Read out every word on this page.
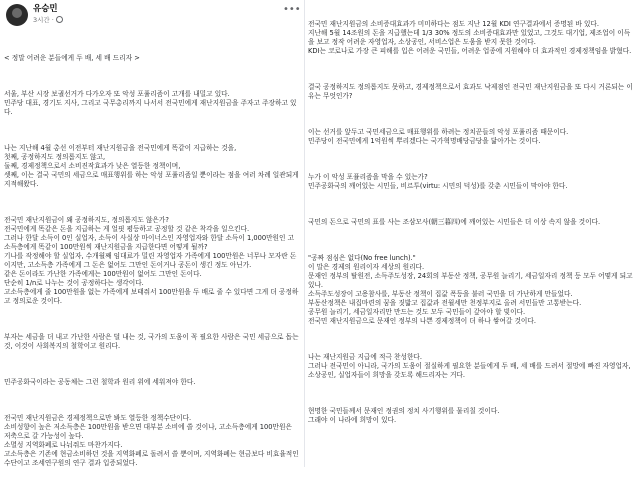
유승민
3시간 ·
•••

< 정말 어려운 분들에게 두 배, 세 배 드리자 >

서울, 부산 시장 보궐선거가 다가오자 또 악성 포퓰리즘이 고개를 내밀고 있다.
민주당 대표, 경기도 지사, 그리고 국무총리까지 나서서 전국민에게 재난지원금을 주자고 주장하고 있다.

나는 지난해 4월 총선 이전부터 재난지원금을 전국민에게 똑같이 지급하는 것을,
첫째, 공정하지도 정의롭지도 않고,
둘째, 경제정책으로서 소비진작효과가 낮은 열등한 정책이며,
셋째, 이는 결국 국민의 세금으로 매표행위를 하는 악성 포퓰리즘일 뿐이라는 점을 여러 차례 일관되게 지적해왔다.

전국민 재난지원금이 왜 공정하지도, 정의롭지도 않은가?
전국민에게 똑같은 돈을 지급하는 게 얼핏 평등하고 공정할 것 같은 착각을 일으킨다.
그러나 한달 소득이 0인 실업자, 소득이 사실상 마이너스인 자영업자와 한달 소득이 1,000만원인 고소득층에게 똑같이 100만원씩 재난지원금을 지급한다면 어떻게 될까?
기나를 작정해야 할 실업자, 수개월째 임대료가 밀린 자영업자 가족에게 100만원은 너무나 모자란 돈이지만, 고소득층 가족에게 그 돈은 없어도 그만인 돈이거나 공돈이 생긴 정도 아닌가.
같은 돈이라도 가난한 가족에게는 100만원이 없어도 그만인 돈이다.
단순히 1/n로 나누는 것이 공정하다는 생각이다.
고소득층에게 줄 100만원을 없는 가족에게 보태줘서 100만원을 두 배로 줄 수 있다면 그게 더 공정하고 정의로운 것이다.

부자는 세금을 더 내고 가난한 사람은 덜 내는 것, 국가의 도움이 꼭 필요한 사람은 국민 세금으로 돕는 것, 이것이 사회복지의 철학이고 원리다.

민주공화국이라는 공동체는 그런 철학과 원리 위에 세워져야 한다.

전국민 재난지원금은 경제정책으로만 봐도 열등한 정책수단이다.
소비성향이 높은 저소득층은 100만원을 받으면 대부분 소비에 쓸 것이나, 고소득층에게 100만원은 저축으로 갈 가능성이 높다.
소멸성 지역화폐로 나눠줘도 마찬가지다.
고소득층은 기존에 현금소비하던 것을 지역화폐로 돌려서 쓸 뿐이며, 지역화폐는 현금보다 비효율적인 수단이고 조세연구원의 연구 결과 입증되었다.

전국민 재난지원금의 소비증대효과가 미미하다는 점도 지난 12월 KDI 연구결과에서 증명된 바 있다.
지난해 5월 14조원의 돈을 지급했는데 1/3 30% 정도의 소비증대효과만 있었고, 그것도 대기업, 제조업이 이득을 보고 정작 어려운 자영업자, 소상공인, 서비스업은 도움을 받지 못한 것이다.
KDI는 코로나로 가장 큰 피해를 입은 어려운 국민들, 어려운 업종에 지원해야 더 효과적인 경제정책임을 밝혔다.

결국 공정하지도 정의롭지도 못하고, 경제정책으로서 효과도 낙제점인 전국민 재난지원금을 또 다시 거론되는 이유는 무엇인가?

이는 선거를 앞두고 국민세금으로 매표행위를 하려는 정치꾼들의 악성 포퓰리즘 때문이다.
민주당이 전국민에게 1억원씩 뿌리겠다는 국가혁명배당금당을 닮아가는 것이다.

누가 이 악성 포퓰리즘을 막을 수 있는가?
민주공화국의 깨어있는 시민들, 비르투(virtu: 시민의 덕성)를 갖춘 시민들이 막아야 한다.

국민의 돈으로 국민의 표를 사는 조삼모사(朝三暮四)에 깨어있는 시민들은 더 이상 속지 않을 것이다.

"공짜 점심은 없다(No free lunch)."
이 말은 경제의 원리이자 세상의 원리다.
문재인 정부의 탈원전, 소득주도성장, 24회의 부동산 정책, 공무원 늘리기, 세금일자리 정책 등 모두 어떻게 되고 있나.
소득주도성장이 고용참사를, 부동산 정책이 집값 폭등을 불러 국민을 더 가난하게 만들었다.
부동산정책은 내집마련의 꿈을 짓밟고 집값과 전월세만 천정부지로 올려 서민들만 고통받는다.
공무원 늘리기, 세금일자리만 만드는 것도 모두 국민들이 갚아야 할 빚이다.
전국민 재난지원금으로 문재인 정부의 나쁜 경제정책이 더 하나 쌓여갈 것이다.

나는 재난지원금 지급에 적극 찬성한다.
그러나 전국민이 아니라, 국가의 도움이 절실하게 필요한 분들에게 두 배, 세 배를 드려서 절망에 빠진 자영업자, 소상공인, 실업자들이 희망을 갖도록 해드리자는 거다.

현명한 국민들께서 문재인 정권의 정치 사기행위를 물리칠 것이다.
그래야 이 나라에 희망이 있다.
